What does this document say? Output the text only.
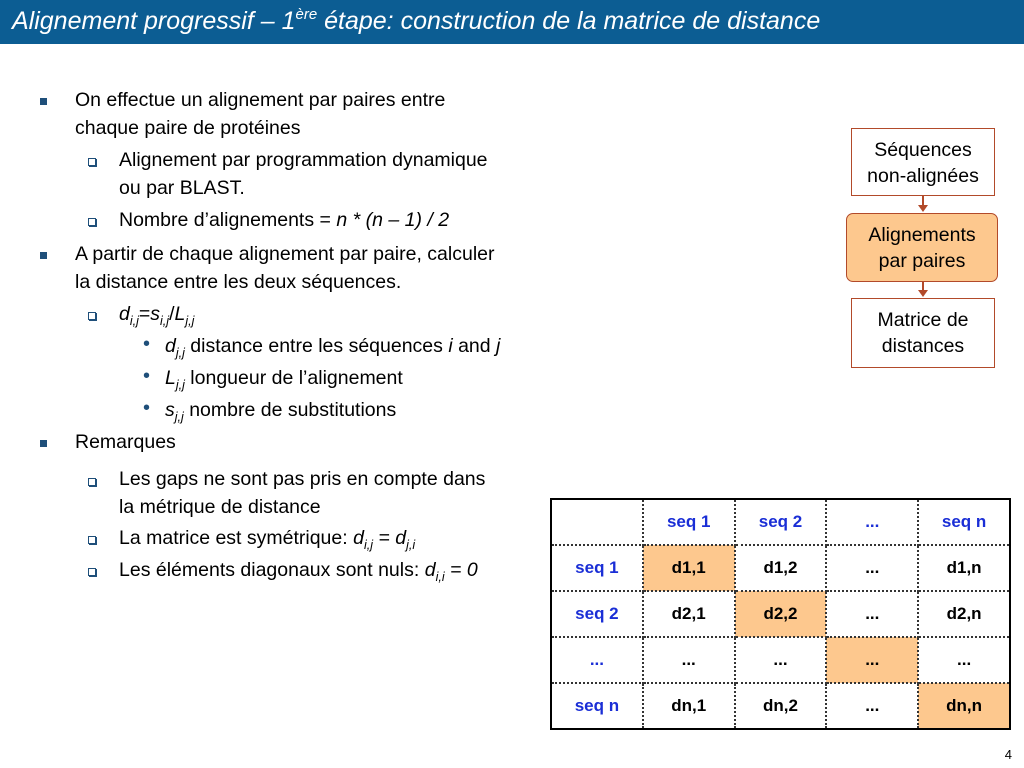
Alignement progressif – 1ère étape: construction de la matrice de distance
On effectue un alignement par paires entre
chaque paire de protéines
Alignement par programmation dynamique
ou par BLAST.
Nombre d’alignements = n * (n – 1) / 2
A partir de chaque alignement par paire, calculer
la distance entre les deux séquences.
$d_{i,j}=s_{i,j}/L_{j,j}$
• $d_{j,j}$ distance entre les séquences i and j
• $L_{j,j}$ longueur de l’alignement
• $s_{j,j}$ nombre de substitutions
Remarques
Les gaps ne sont pas pris en compte dans
la métrique de distance
La matrice est symétrique: $d_{i,j} = d_{j,i}$
Les éléments diagonaux sont nuls: $d_{i,i} = 0$
Séquences
non-alignées
Alignements
par paires
Matrice de
distances
	seq 1	seq 2	...	seq n
seq 1	d1,1	d1,2	...	d1,n
seq 2	d2,1	d2,2	...	d2,n
...	...	...	...	...
seq n	dn,1	dn,2	...	dn,n
4
